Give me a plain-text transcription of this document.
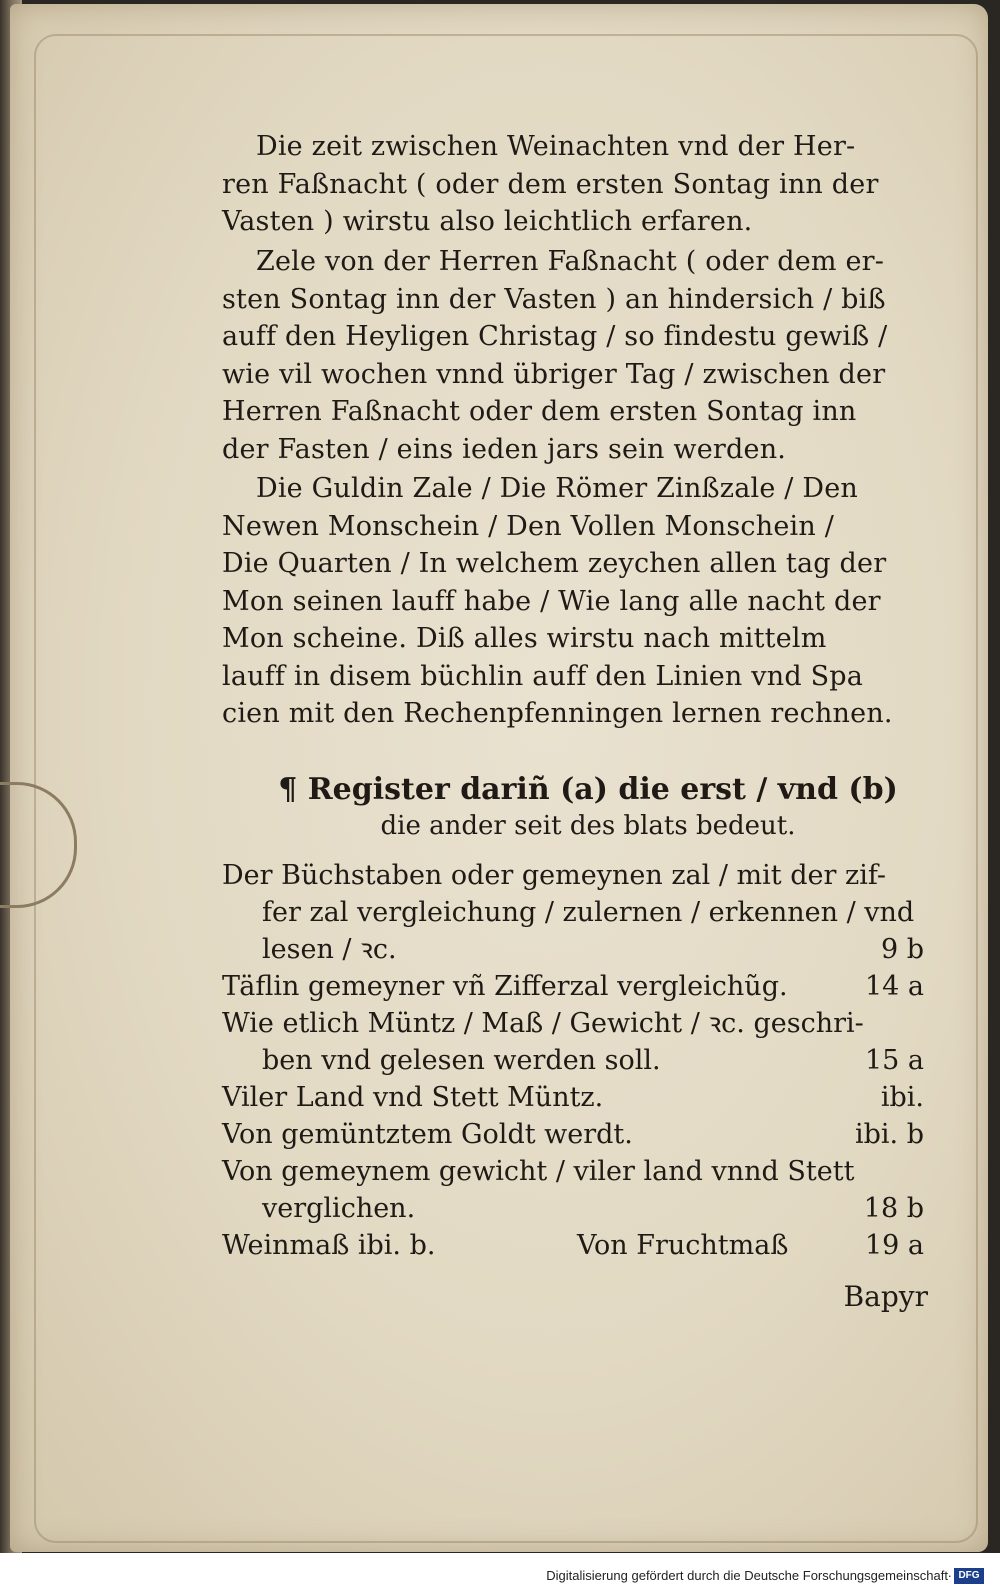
Die zeit zwischen Weinachten vnd der Her-

ren Faßnacht ( oder dem ersten Sontag inn der

Vasten ) wirstu also leichtlich erfaren.

Zele von der Herren Faßnacht ( oder dem er-

sten Sontag inn der Vasten ) an hindersich / biß

auff den Heyligen Christag / so findestu gewiß /

wie vil wochen vnnd übriger Tag / zwischen der

Herren Faßnacht oder dem ersten Sontag inn

der Fasten / eins ieden jars sein werden.

Die Guldin Zale / Die Römer Zinßzale / Den

Newen Monschein / Den Vollen Monschein /

Die Quarten / In welchem zeychen allen tag der

Mon seinen lauff habe / Wie lang alle nacht der

Mon scheine. Diß alles wirstu nach mittelm

lauff in disem büchlin auff den Linien vnd Spa

cien mit den Rechenpfenningen lernen rechnen.

¶ Register dariñ (a) die erst / vnd (b)
die ander seit des blats bedeut.
Der Büchstaben oder gemeynen zal / mit der zif-
fer zal vergleichung / zulernen / erkennen / vnd
lesen / ꝛc.	9 b
Täflin gemeyner vñ Zifferzal vergleichũg.	14 a
Wie etlich Müntz / Maß / Gewicht / ꝛc. geschri-
ben vnd gelesen werden soll.	15 a
Viler Land vnd Stett Müntz.	ibi.
Von gemüntztem Goldt werdt.	ibi. b
Von gemeynem gewicht / viler land vnnd Stett
verglichen.	18 b
Weinmaß ibi. b.	Von Fruchtmaß	19 a
Bapyr
Digitalisierung gefördert durch die Deutsche Forschungsgemeinschaft · DFG
